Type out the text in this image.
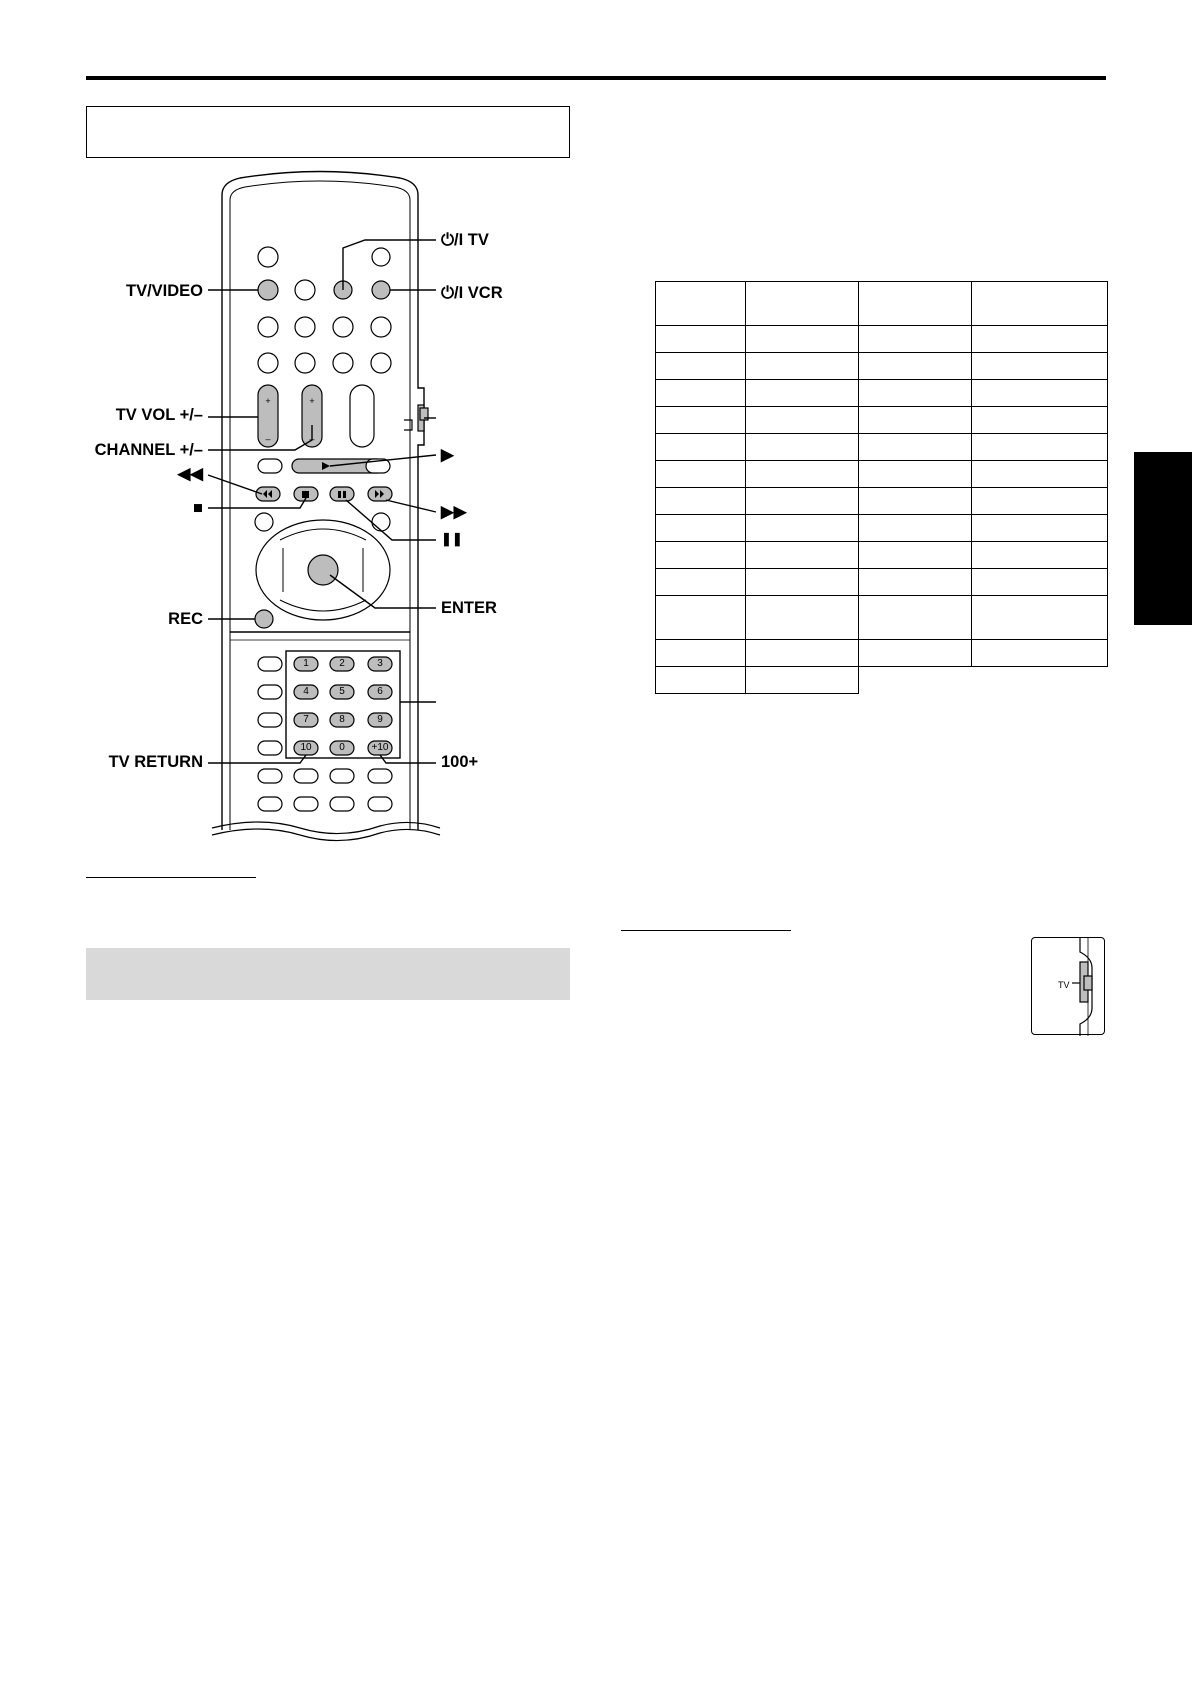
+
–
+
–
1	2	3
4	5	6
7	8	9
10	0	+10
⏻/I TV
TV/VIDEO	⏻/I VCR
TV VOL +/–
CHANNEL +/–	▶
◀◀
▶▶
■
❚❚
ENTER
REC
TV RETURN	100+

TV
